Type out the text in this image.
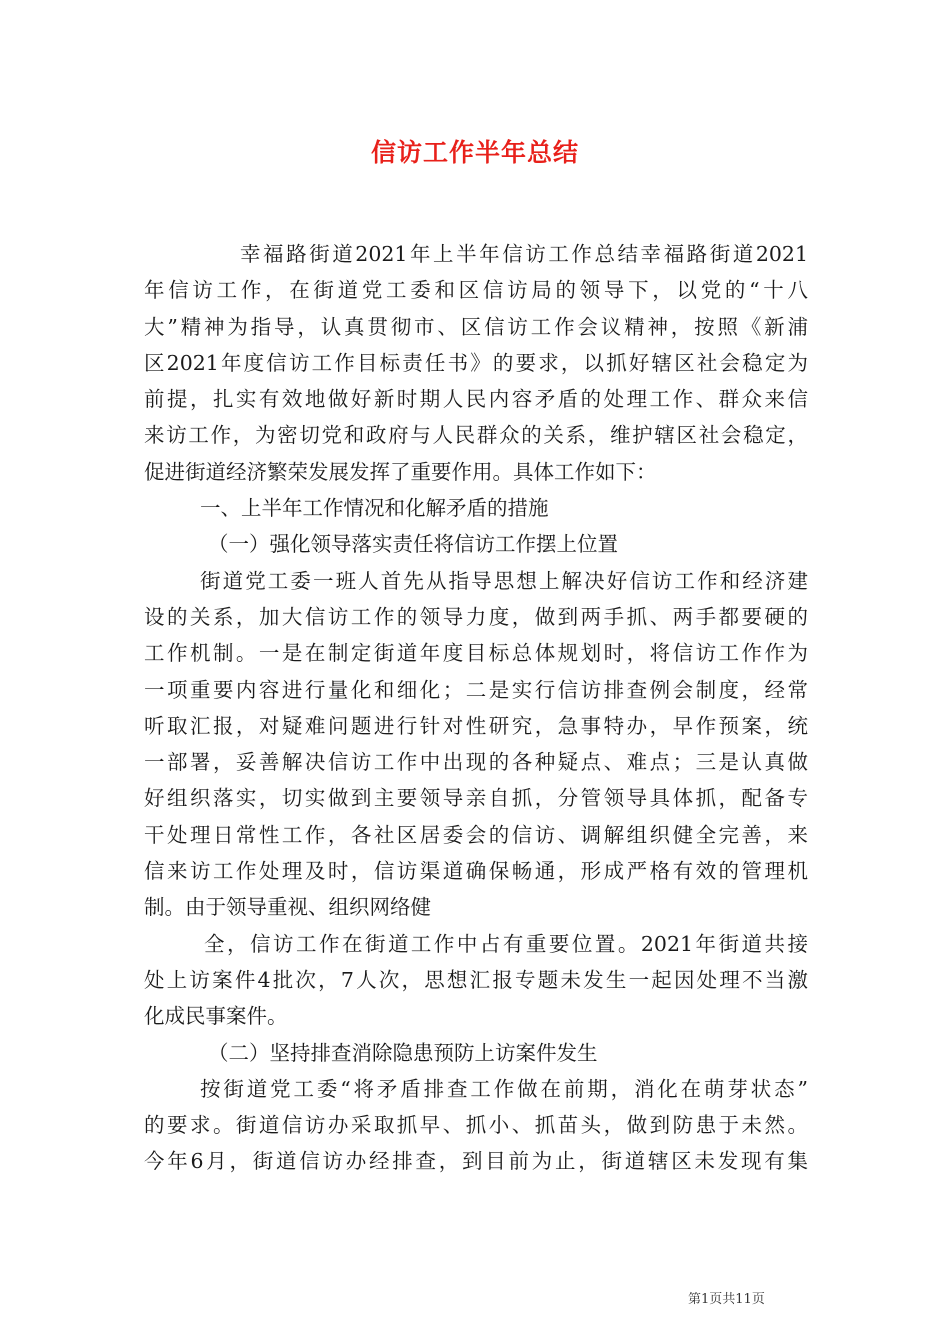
信访工作半年总结
幸福路街道2021年上半年信访工作总结幸福路街道2021
年信访工作，在街道党工委和区信访局的领导下，以党的“十八
大”精神为指导，认真贯彻市、区信访工作会议精神，按照《新浦
区2021年度信访工作目标责任书》的要求，以抓好辖区社会稳定为
前提，扎实有效地做好新时期人民内容矛盾的处理工作、群众来信
来访工作，为密切党和政府与人民群众的关系，维护辖区社会稳定，
促进街道经济繁荣发展发挥了重要作用。具体工作如下：
一、上半年工作情况和化解矛盾的措施
（一）强化领导落实责任将信访工作摆上位置
街道党工委一班人首先从指导思想上解决好信访工作和经济建
设的关系，加大信访工作的领导力度，做到两手抓、两手都要硬的
工作机制。一是在制定街道年度目标总体规划时，将信访工作作为
一项重要内容进行量化和细化；二是实行信访排查例会制度，经常
听取汇报，对疑难问题进行针对性研究，急事特办，早作预案，统
一部署，妥善解决信访工作中出现的各种疑点、难点；三是认真做
好组织落实，切实做到主要领导亲自抓，分管领导具体抓，配备专
干处理日常性工作，各社区居委会的信访、调解组织健全完善，来
信来访工作处理及时，信访渠道确保畅通，形成严格有效的管理机
制。由于领导重视、组织网络健
全，信访工作在街道工作中占有重要位置。2021年街道共接
处上访案件4批次，7人次，思想汇报专题未发生一起因处理不当激
化成民事案件。
（二）坚持排查消除隐患预防上访案件发生
按街道党工委“将矛盾排查工作做在前期，消化在萌芽状态”
的要求。街道信访办采取抓早、抓小、抓苗头，做到防患于未然。
今年6月，街道信访办经排查，到目前为止，街道辖区未发现有集
第1页共11页
